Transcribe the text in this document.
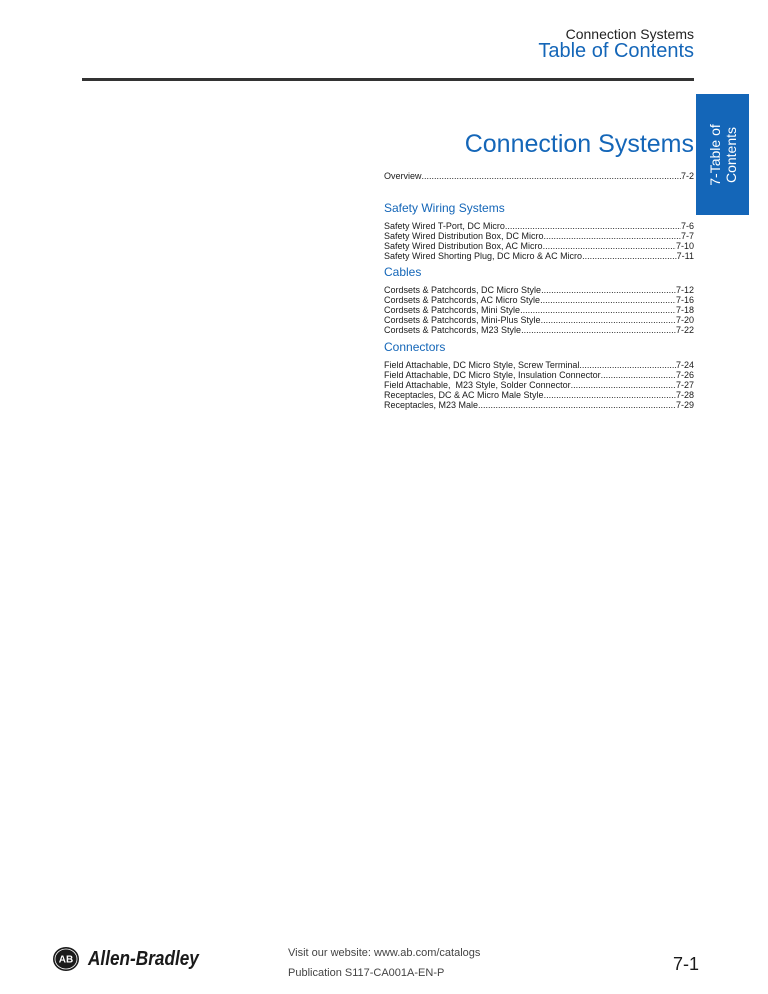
Connection Systems
Table of Contents
7-Table of Contents
Connection Systems
Overview .....	7-2
Safety Wiring Systems
Safety Wired T-Port, DC Micro .....	7-6
Safety Wired Distribution Box, DC Micro .....	7-7
Safety Wired Distribution Box, AC Micro .....	7-10
Safety Wired Shorting Plug, DC Micro & AC Micro .....	7-11
Cables
Cordsets & Patchcords, DC Micro Style .....	7-12
Cordsets & Patchcords, AC Micro Style .....	7-16
Cordsets & Patchcords, Mini Style .....	7-18
Cordsets & Patchcords, Mini-Plus Style .....	7-20
Cordsets & Patchcords, M23 Style .....	7-22
Connectors
Field Attachable, DC Micro Style, Screw Terminal .....	7-24
Field Attachable, DC Micro Style, Insulation Connector .....	7-26
Field Attachable,  M23 Style, Solder Connector .....	7-27
Receptacles, DC & AC Micro Male Style .....	7-28
Receptacles, M23 Male .....	7-29
AB Allen-Bradley	Visit our website: www.ab.com/catalogs
Publication S117-CA001A-EN-P	7-1
